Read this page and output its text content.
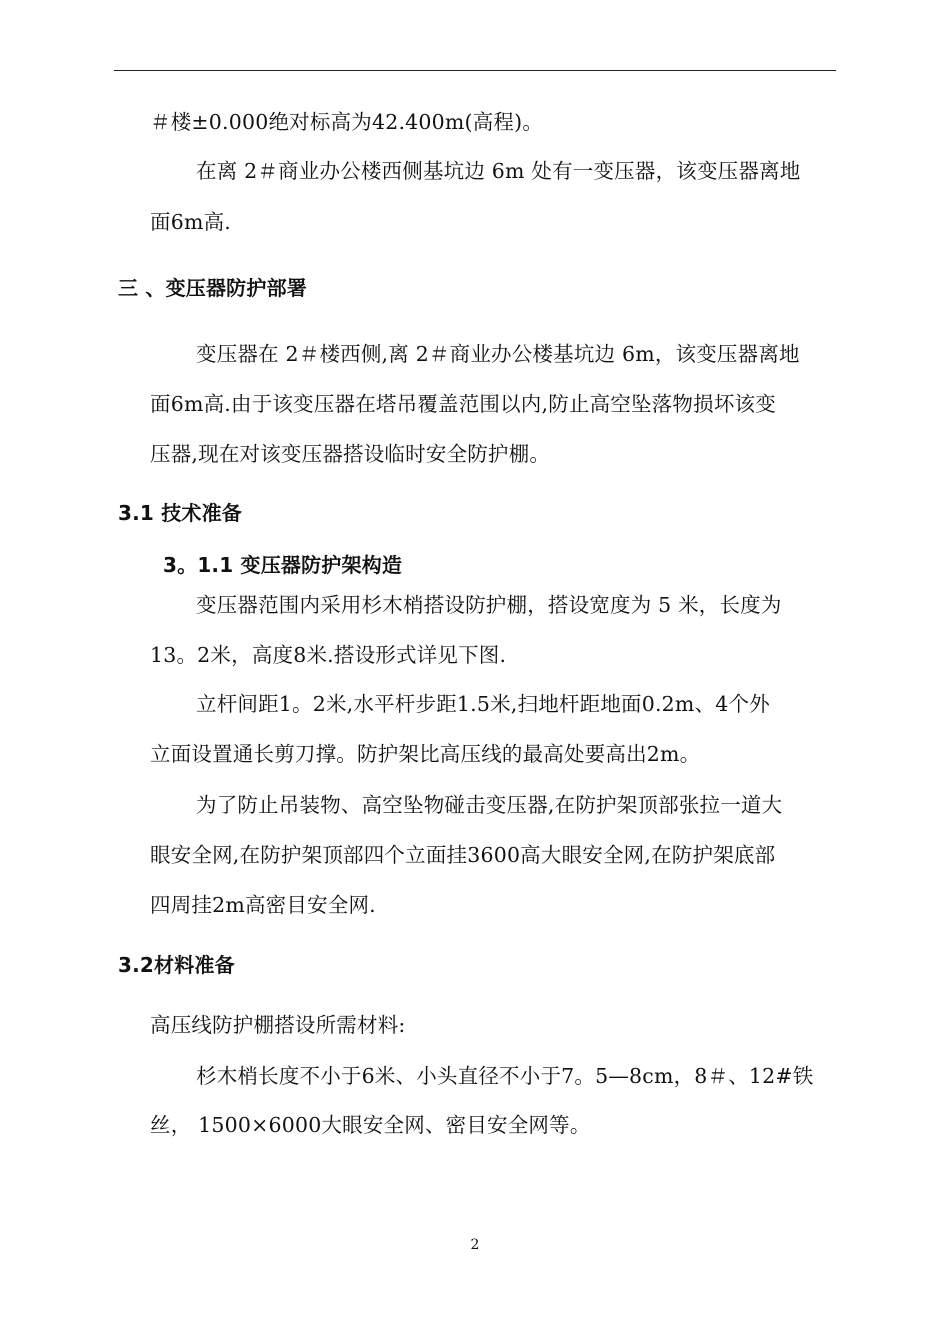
＃楼±0.000绝对标高为42.400m(高程)。
在离 2＃商业办公楼西侧基坑边 6m 处有一变压器，该变压器离地
面6m高.
三 、变压器防护部署
变压器在 2＃楼西侧,离 2＃商业办公楼基坑边 6m，该变压器离地
面6m高.由于该变压器在塔吊覆盖范围以内,防止高空坠落物损坏该变
压器,现在对该变压器搭设临时安全防护棚。
3.1 技术准备
3。1.1 变压器防护架构造
变压器范围内采用杉木梢搭设防护棚，搭设宽度为 5 米，长度为
13。2米，高度8米.搭设形式详见下图.
立杆间距1。2米,水平杆步距1.5米,扫地杆距地面0.2m、4个外
立面设置通长剪刀撑。防护架比高压线的最高处要高出2m。
为了防止吊装物、高空坠物碰击变压器,在防护架顶部张拉一道大
眼安全网,在防护架顶部四个立面挂3600高大眼安全网,在防护架底部
四周挂2m高密目安全网.
3.2材料准备
高压线防护棚搭设所需材料:
杉木梢长度不小于6米、小头直径不小于7。5—8cm，8＃、12#铁
丝， 1500×6000大眼安全网、密目安全网等。
2
